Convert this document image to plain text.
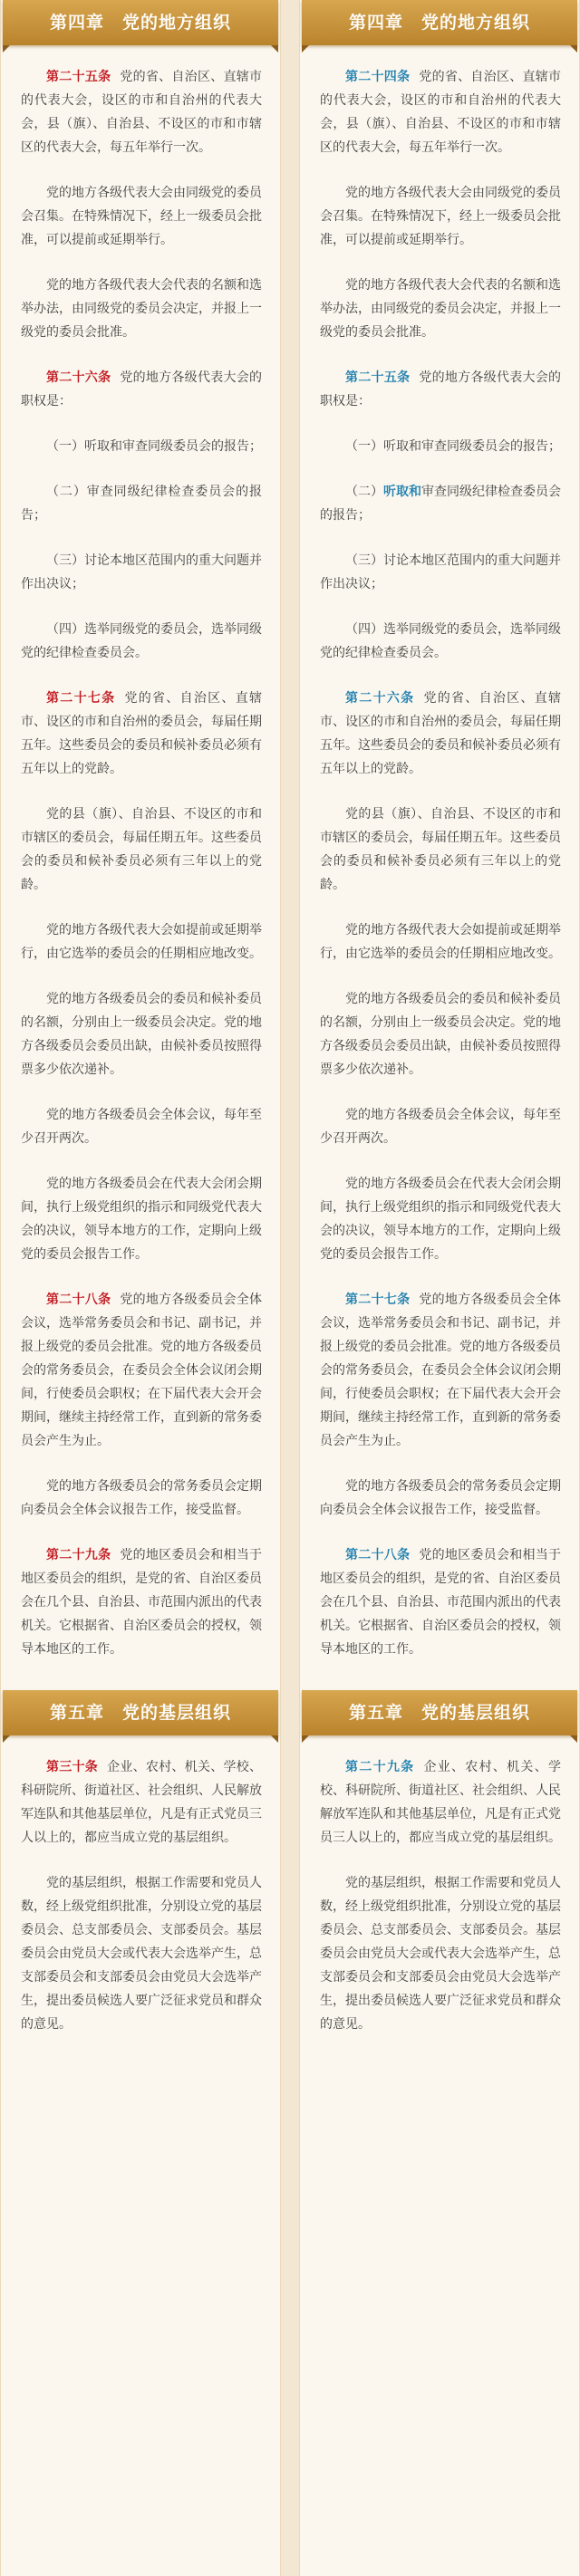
第四章　党的地方组织

第二十五条 党的省、自治区、直辖市的代表大会，设区的市和自治州的代表大会，县（旗）、自治县、不设区的市和市辖区的代表大会，每五年举行一次。

党的地方各级代表大会由同级党的委员会召集。在特殊情况下，经上一级委员会批准，可以提前或延期举行。

党的地方各级代表大会代表的名额和选举办法，由同级党的委员会决定，并报上一级党的委员会批准。

第二十六条 党的地方各级代表大会的职权是：

（一）听取和审查同级委员会的报告；

（二）审查同级纪律检查委员会的报告；

（三）讨论本地区范围内的重大问题并作出决议；

（四）选举同级党的委员会，选举同级党的纪律检查委员会。

第二十七条 党的省、自治区、直辖市、设区的市和自治州的委员会，每届任期五年。这些委员会的委员和候补委员必须有五年以上的党龄。

党的县（旗）、自治县、不设区的市和市辖区的委员会，每届任期五年。这些委员会的委员和候补委员必须有三年以上的党龄。

党的地方各级代表大会如提前或延期举行，由它选举的委员会的任期相应地改变。

党的地方各级委员会的委员和候补委员的名额，分别由上一级委员会决定。党的地方各级委员会委员出缺，由候补委员按照得票多少依次递补。

党的地方各级委员会全体会议，每年至少召开两次。

党的地方各级委员会在代表大会闭会期间，执行上级党组织的指示和同级党代表大会的决议，领导本地方的工作，定期向上级党的委员会报告工作。

第二十八条 党的地方各级委员会全体会议，选举常务委员会和书记、副书记，并报上级党的委员会批准。党的地方各级委员会的常务委员会，在委员会全体会议闭会期间，行使委员会职权；在下届代表大会开会期间，继续主持经常工作，直到新的常务委员会产生为止。

党的地方各级委员会的常务委员会定期向委员会全体会议报告工作，接受监督。

第二十九条 党的地区委员会和相当于地区委员会的组织，是党的省、自治区委员会在几个县、自治县、市范围内派出的代表机关。它根据省、自治区委员会的授权，领导本地区的工作。

第五章　党的基层组织

第三十条 企业、农村、机关、学校、科研院所、街道社区、社会组织、人民解放军连队和其他基层单位，凡是有正式党员三人以上的，都应当成立党的基层组织。

党的基层组织，根据工作需要和党员人数，经上级党组织批准，分别设立党的基层委员会、总支部委员会、支部委员会。基层委员会由党员大会或代表大会选举产生，总支部委员会和支部委员会由党员大会选举产生，提出委员候选人要广泛征求党员和群众的意见。

第四章　党的地方组织

第二十四条 党的省、自治区、直辖市的代表大会，设区的市和自治州的代表大会，县（旗）、自治县、不设区的市和市辖区的代表大会，每五年举行一次。

党的地方各级代表大会由同级党的委员会召集。在特殊情况下，经上一级委员会批准，可以提前或延期举行。

党的地方各级代表大会代表的名额和选举办法，由同级党的委员会决定，并报上一级党的委员会批准。

第二十五条 党的地方各级代表大会的职权是：

（一）听取和审查同级委员会的报告；

（二）听取和审查同级纪律检查委员会的报告；

（三）讨论本地区范围内的重大问题并作出决议；

（四）选举同级党的委员会，选举同级党的纪律检查委员会。

第二十六条 党的省、自治区、直辖市、设区的市和自治州的委员会，每届任期五年。这些委员会的委员和候补委员必须有五年以上的党龄。

党的县（旗）、自治县、不设区的市和市辖区的委员会，每届任期五年。这些委员会的委员和候补委员必须有三年以上的党龄。

党的地方各级代表大会如提前或延期举行，由它选举的委员会的任期相应地改变。

党的地方各级委员会的委员和候补委员的名额，分别由上一级委员会决定。党的地方各级委员会委员出缺，由候补委员按照得票多少依次递补。

党的地方各级委员会全体会议，每年至少召开两次。

党的地方各级委员会在代表大会闭会期间，执行上级党组织的指示和同级党代表大会的决议，领导本地方的工作，定期向上级党的委员会报告工作。

第二十七条 党的地方各级委员会全体会议，选举常务委员会和书记、副书记，并报上级党的委员会批准。党的地方各级委员会的常务委员会，在委员会全体会议闭会期间，行使委员会职权；在下届代表大会开会期间，继续主持经常工作，直到新的常务委员会产生为止。

党的地方各级委员会的常务委员会定期向委员会全体会议报告工作，接受监督。

第二十八条 党的地区委员会和相当于地区委员会的组织，是党的省、自治区委员会在几个县、自治县、市范围内派出的代表机关。它根据省、自治区委员会的授权，领导本地区的工作。

第五章　党的基层组织

第二十九条 企业、农村、机关、学校、科研院所、街道社区、社会组织、人民解放军连队和其他基层单位，凡是有正式党员三人以上的，都应当成立党的基层组织。

党的基层组织，根据工作需要和党员人数，经上级党组织批准，分别设立党的基层委员会、总支部委员会、支部委员会。基层委员会由党员大会或代表大会选举产生，总支部委员会和支部委员会由党员大会选举产生，提出委员候选人要广泛征求党员和群众的意见。
